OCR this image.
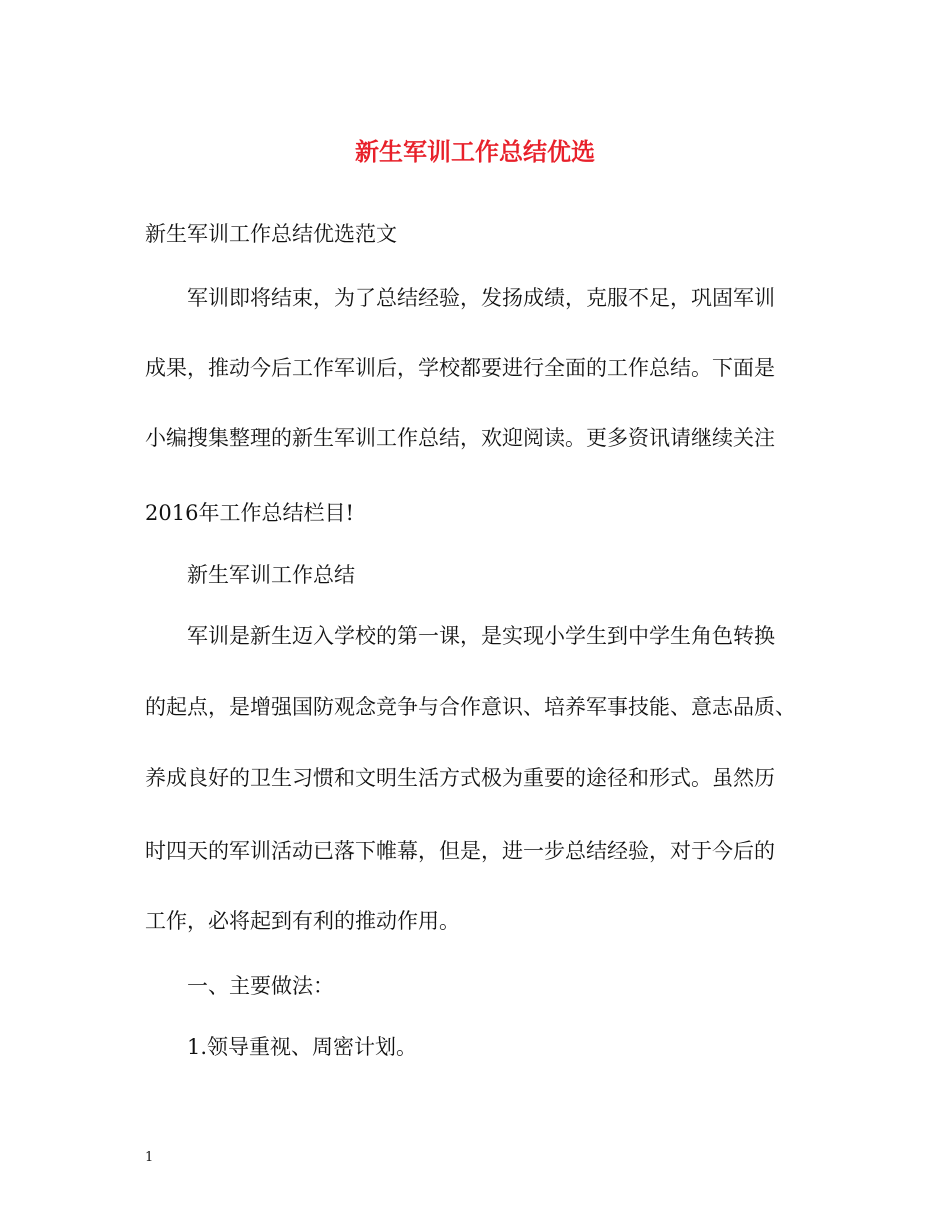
新生军训工作总结优选
新生军训工作总结优选范文
军训即将结束，为了总结经验，发扬成绩，克服不足，巩固军训
成果，推动今后工作军训后，学校都要进行全面的工作总结。下面是
小编搜集整理的新生军训工作总结，欢迎阅读。更多资讯请继续关注
2016年工作总结栏目!
新生军训工作总结
军训是新生迈入学校的第一课，是实现小学生到中学生角色转换
的起点，是增强国防观念竞争与合作意识、培养军事技能、意志品质、
养成良好的卫生习惯和文明生活方式极为重要的途径和形式。虽然历
时四天的军训活动已落下帷幕，但是，进一步总结经验，对于今后的
工作，必将起到有利的推动作用。
一、主要做法：
1.领导重视、周密计划。
1
